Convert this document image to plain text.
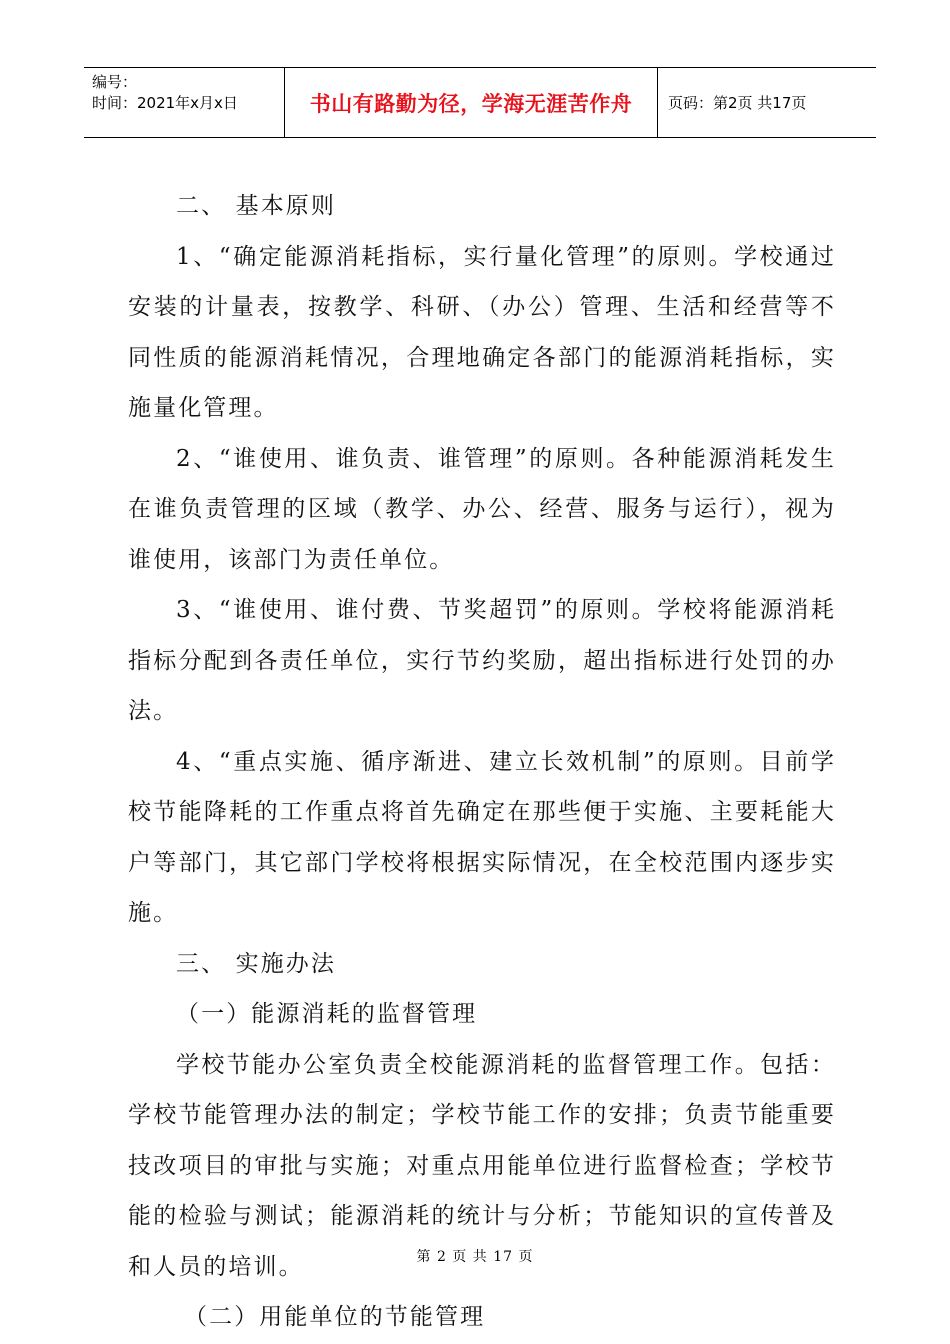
编号：
时间：2021年x月x日	书山有路勤为径，学海无涯苦作舟	页码：第2页 共17页

二、 基本原则

1、“确定能源消耗指标，实行量化管理”的原则。学校通过安装的计量表，按教学、科研、（办公）管理、生活和经营等不同性质的能源消耗情况，合理地确定各部门的能源消耗指标，实施量化管理。

2、“谁使用、谁负责、谁管理”的原则。各种能源消耗发生在谁负责管理的区域（教学、办公、经营、服务与运行），视为谁使用，该部门为责任单位。

3、“谁使用、谁付费、节奖超罚”的原则。学校将能源消耗指标分配到各责任单位，实行节约奖励，超出指标进行处罚的办法。

4、“重点实施、循序渐进、建立长效机制”的原则。目前学校节能降耗的工作重点将首先确定在那些便于实施、主要耗能大户等部门，其它部门学校将根据实际情况，在全校范围内逐步实施。

三、 实施办法

（一）能源消耗的监督管理

学校节能办公室负责全校能源消耗的监督管理工作。包括：学校节能管理办法的制定；学校节能工作的安排；负责节能重要技改项目的审批与实施；对重点用能单位进行监督检查；学校节能的检验与测试；能源消耗的统计与分析；节能知识的宣传普及和人员的培训。

（二）用能单位的节能管理

第 2 页 共 17 页
